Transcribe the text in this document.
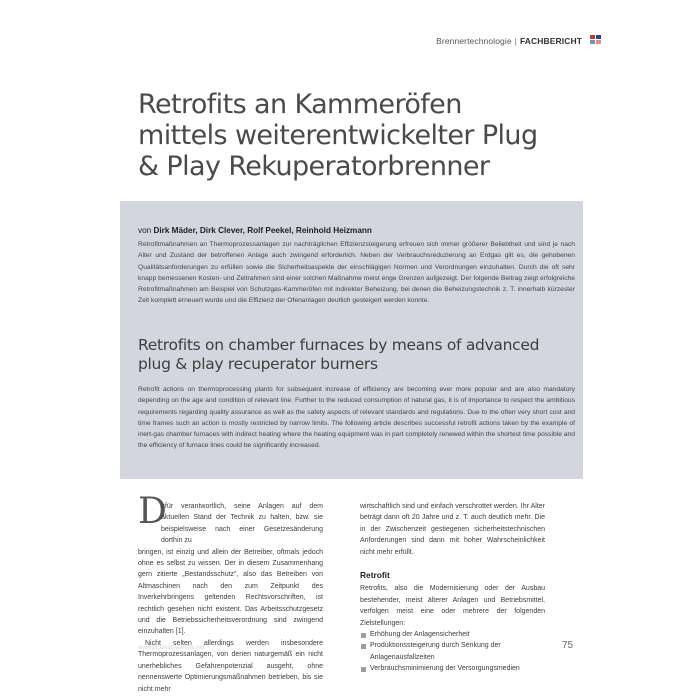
Brennertechnologie | FACHBERICHT
Retrofits an Kammeröfen
mittels weiterentwickelter Plug
& Play Rekuperatorbrenner
von Dirk Mäder, Dirk Clever, Rolf Peekel, Reinhold Heizmann

Retrofitmaßnahmen an Thermoprozessanlagen zur nachträglichen Effizienzsteigerung erfreuen sich immer größerer Beliebtheit und sind je nach Alter und Zustand der betroffenen Anlage auch zwingend erforderlich. Neben der Verbrauchsreduzierung an Erdgas gilt es, die gehobenen Qualitätsanforderungen zu erfüllen sowie die Sicherheitsaspekte der einschlägigen Normen und Verordnungen einzuhalten. Durch die oft sehr knapp bemessenen Kosten- und Zeitrahmen sind einer solchen Maßnahme meist enge Grenzen aufgezeigt. Der folgende Beitrag zeigt erfolgreiche Retrofitmaßnahmen am Beispiel von Schutzgas-Kammeröfen mit indirekter Beheizung, bei denen die Beheizungstechnik z. T. innerhalb kürzester Zeit komplett erneuert wurde und die Effizienz der Ofenanlagen deutlich gesteigert werden konnte.

Retrofits on chamber furnaces by means of advanced
plug & play recuperator burners

Retrofit actions on thermoprocessing plants for subsequent increase of efficiency are becoming ever more popular and are also mandatory depending on the age and condition of relevant line. Further to the reduced consumption of natural gas, it is of importance to respect the ambitious requirements regarding quality assurance as well as the safety aspects of relevant standards and regulations. Due to the often very short cost and time frames such an action is mostly restricted by narrow limits. The following article describes successful retrofit actions taken by the example of inert-gas chamber furnaces with indirect heating where the heating equipment was in part completely renewed within the shortest time possible and the efficiency of furnace lines could be significantly increased.

D

afür verantwortlich, seine Anlagen auf dem aktuellen Stand der Technik zu halten, bzw. sie beispielsweise nach einer Gesetzesänderung dorthin zu

bringen, ist einzig und allein der Betreiber, oftmals jedoch ohne es selbst zu wissen. Der in diesem Zusammenhang gern zitierte „Bestandsschutz“, also das Betreiben von Altmaschinen nach den zum Zeitpunkt des Inverkehrbringens geltenden Rechtsvorschriften, ist rechtlich gesehen nicht existent. Das Arbeitsschutzgesetz und die Betriebssicherheitsverordnung sind zwingend einzuhalten [1].

Nicht selten allerdings werden insbesondere Thermoprozessanlagen, von denen naturgemäß ein nicht unerhebliches Gefahrenpotenzial ausgeht, ohne nennenswerte Optimierungsmaßnahmen betrieben, bis sie nicht mehr

wirtschaftlich sind und einfach verschrottet werden. Ihr Alter beträgt dann oft 20 Jahre und z. T. auch deutlich mehr. Die in der Zwischenzeit gestiegenen sicherheitstechnischen Anforderungen sind dann mit hoher Wahrscheinlichkeit nicht mehr erfüllt.

Retrofit

Retrofits, also die Modernisierung oder der Ausbau bestehender, meist älterer Anlagen und Betriebsmittel, verfolgen meist eine oder mehrere der folgenden Zielstellungen:

Erhöhung der Anlagensicherheit
Produktionssteigerung durch Senkung der Anlagenausfallzeiten
Verbrauchsminimierung der Versorgungsmedien
www.prozesswaerme.net	75
